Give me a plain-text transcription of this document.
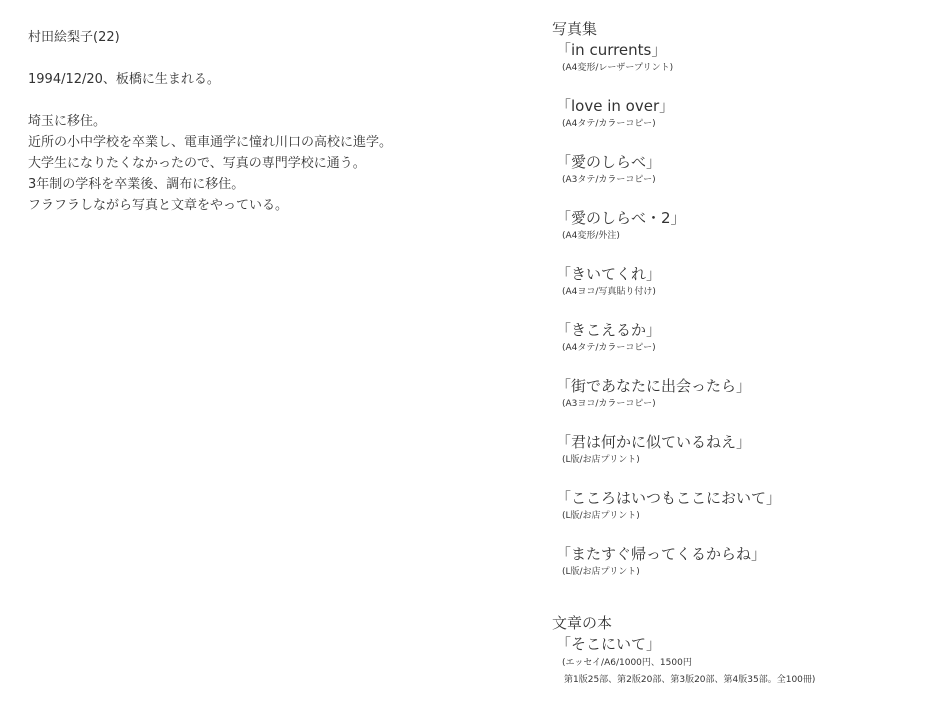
村田絵梨子(22)
1994/12/20、板橋に生まれる。
埼玉に移住。
近所の小中学校を卒業し、電車通学に憧れ川口の高校に進学。
大学生になりたくなかったので、写真の専門学校に通う。
3年制の学科を卒業後、調布に移住。
フラフラしながら写真と文章をやっている。
写真集
「in currents」
(A4変形/レーザープリント)
「love in over」
(A4タテ/カラーコピー)
「愛のしらべ」
(A3タテ/カラーコピー)
「愛のしらべ・2」
(A4変形/外注)
「きいてくれ」
(A4ヨコ/写真貼り付け)
「きこえるか」
(A4タテ/カラーコピー)
「街であなたに出会ったら」
(A3ヨコ/カラーコピー)
「君は何かに似ているねえ」
(L版/お店プリント)
「こころはいつもここにおいて」
(L版/お店プリント)
「またすぐ帰ってくるからね」
(L版/お店プリント)
文章の本
「そこにいて」
(エッセイ/A6/1000円、1500円
第1版25部、第2版20部、第3版20部、第4版35部。全100冊)
